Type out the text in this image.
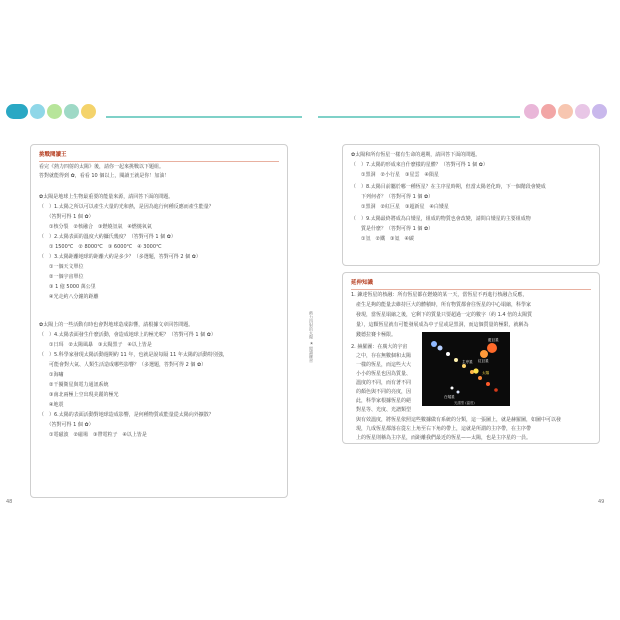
挑戰閱讀王
看完《熱力四射的太陽》後，請你一起來挑戰以下題組。
答對就能得到 ✿，看看 10 個以上，閱讀王就是你！加油！
✿太陽是地球上生物最重要的能量來源，請回答下面的問題。
（　）1.太陽之所以可以產生大量的光和熱，是因為進行何種反應而產生能量？
　　（答對可得 1 個 ✿）
　　①核分裂　②核融合　③燃燒氫氣　④燃燒氧氣
（　）2.太陽表面的溫度大約攝氏幾度？（答對可得 1 個 ✿）
　　① 1500℃　② 8000℃　③ 6000℃　④ 3000℃
（　）3.太陽距離地球的距離大約是多少？（多選題，答對可得 2 個 ✿）
　　①一個天文單位
　　②一個宇宙單位
　　③ 1 億 5000 萬公里
　　④光走約八分鐘的距離
✿太陽上的一些活動有時也會對地球造成影響，請根據文章回答問題。
（　）4.太陽表面發生什麼活動，會造成地球上的極光呢？（答對可得 1 個 ✿）
　　①日珥　②太陽風暴　③太陽黑子　④以上皆是
（　）5.科學家發現太陽活動週期約 11 年，也就是說每隔 11 年太陽的活動特別強，
　　可能會對大氣、人類生活造成哪些影響？（多選題，答對可得 2 個 ✿）
　　①海嘯
　　②干擾衛星與電力通訊系統
　　③南北兩極上空出現美麗的極光
　　④地震
（　）6.太陽的表面活動對地球造成影響，是何種物質或能量從太陽向外擴散？
　　（答對可得 1 個 ✿）
　　①電磁波　②磁場　③帶電粒子　④以上皆是
48
熱力四射的太陽 ★ 閱讀練習
✿太陽和所有恆星一樣有生命的週期，請回答下面的問題。
（　）7.太陽的形成來自什麼樣的星體？（答對可得 1 個 ✿）
　　①黑洞　②小行星　③星雲　④隕星
（　）8.太陽目前屬於哪一種恆星？在主序星時期，但當太陽老化時，下一個階段會變成
　　下列何者？（答對可得 1 個 ✿）
　　①黑洞　②紅巨星　③超新星　④白矮星
（　）9.太陽最終將成為白矮星，組成的物質也會改變，請問白矮星的主要組成物
　　質是什麼？（答對可得 1 個 ✿）
　　①氫　②鐵　③氦　④碳
延伸知識
1. 鍊達恆星的核融：所有恆星都在燃燒的某一天，當恆星不再進行核融合反應，
　產生足夠的能量去維持巨大的體積時，所有物質都會往恆星的中心塌縮，科學家
　發現，當恆星塌縮之後，它剩下的質量只要超過一定的數字（約 1.4 倍的太陽質
　量），這顆恆星就有可能發展成為中子星或是黑洞，而這個質量的極限，就稱為
　錢德拉賽卡極限。
2. 赫羅圖：在廣大的宇宙
　之中，存在無數個和太陽
　一樣的恆星，而這些大大
　小小的恆星也因為質量、
　溫度的不同，而有著不同
　的顏色與不同的亮度，因
　此，科學家根據恆星的絕
　對星等、光度、光譜類型
　與有效溫度，將恆星依照這些數據做有系統的分類，這一張圖上，就是赫羅圖，如圖中可以發
　現，九成恆星都落在從左上角至右下角的帶上，這就是所謂的主序帶，在主序帶
　上的恆星則稱為主序星，而距離我們最近的恆星——太陽，也是主序星的一員。
藍巨星
紅巨星
主序星
太陽
白矮星
光譜型 (溫度)
49
